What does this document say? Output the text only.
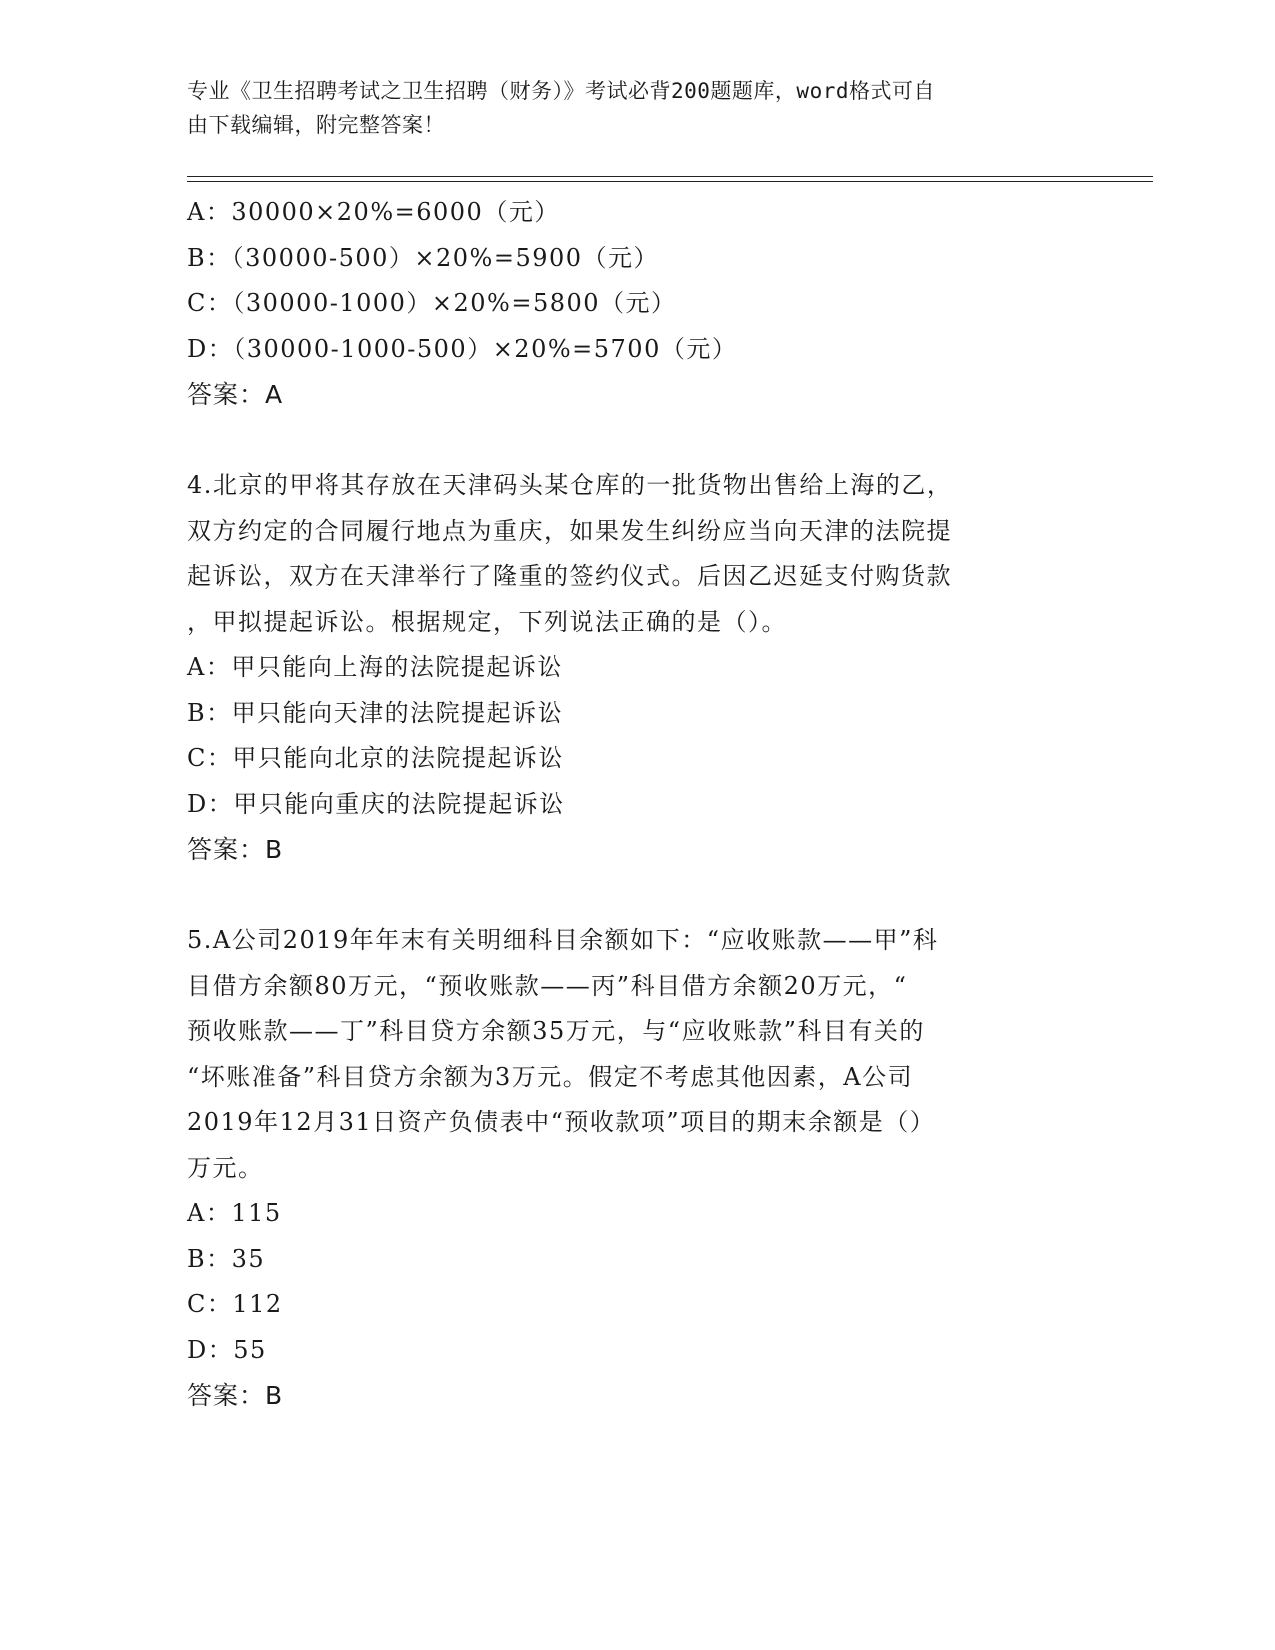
专业《卫生招聘考试之卫生招聘（财务）》考试必背200题题库，word格式可自
由下载编辑，附完整答案！
A：30000×20%=6000（元）
B：（30000-500）×20%=5900（元）
C：（30000-1000）×20%=5800（元）
D：（30000-1000-500）×20%=5700（元）
答案：A
4.北京的甲将其存放在天津码头某仓库的一批货物出售给上海的乙，
双方约定的合同履行地点为重庆，如果发生纠纷应当向天津的法院提
起诉讼，双方在天津举行了隆重的签约仪式。后因乙迟延支付购货款
，甲拟提起诉讼。根据规定，下列说法正确的是（）。
A：甲只能向上海的法院提起诉讼
B：甲只能向天津的法院提起诉讼
C：甲只能向北京的法院提起诉讼
D：甲只能向重庆的法院提起诉讼
答案：B
5.A公司2019年年末有关明细科目余额如下：“应收账款——甲”科
目借方余额80万元，“预收账款——丙”科目借方余额20万元，“
预收账款——丁”科目贷方余额35万元，与“应收账款”科目有关的
“坏账准备”科目贷方余额为3万元。假定不考虑其他因素，A公司
2019年12月31日资产负债表中“预收款项”项目的期末余额是（）
万元。
A：115
B：35
C：112
D：55
答案：B
